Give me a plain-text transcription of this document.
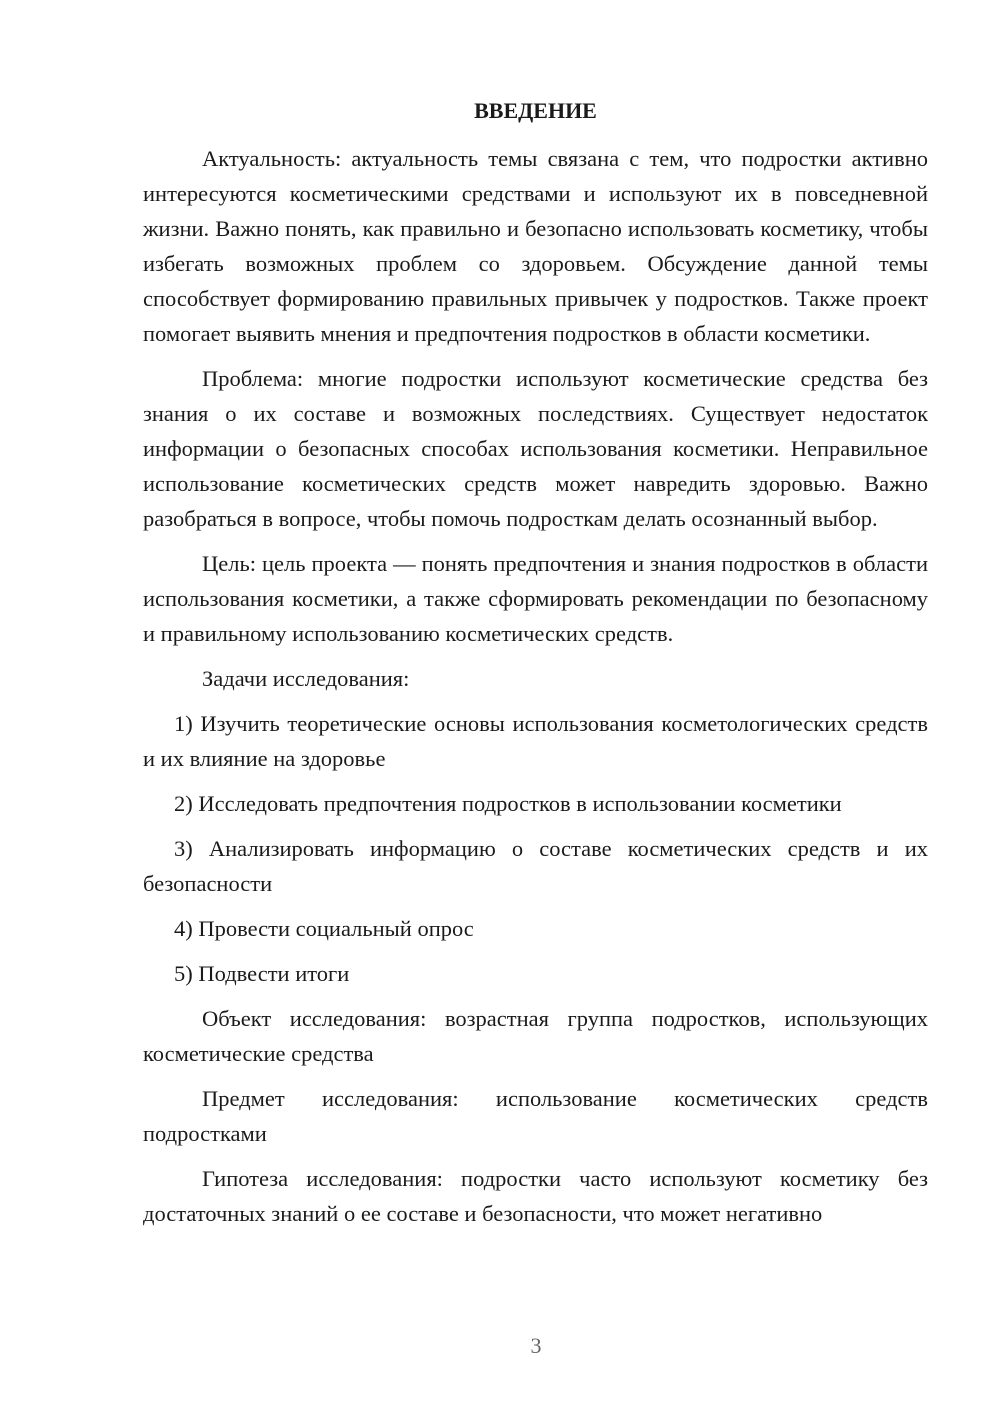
ВВЕДЕНИЕ

Актуальность: актуальность темы связана с тем, что подростки активно интересуются косметическими средствами и используют их в повседневной жизни. Важно понять, как правильно и безопасно использовать косметику, чтобы избегать возможных проблем со здоровьем. Обсуждение данной темы способствует формированию правильных привычек у подростков. Также проект помогает выявить мнения и предпочтения подростков в области косметики.

Проблема: многие подростки используют косметические средства без знания о их составе и возможных последствиях. Существует недостаток информации о безопасных способах использования косметики. Неправильное использование косметических средств может навредить здоровью. Важно разобраться в вопросе, чтобы помочь подросткам делать осознанный выбор.

Цель: цель проекта — понять предпочтения и знания подростков в области использования косметики, а также сформировать рекомендации по безопасному и правильному использованию косметических средств.

Задачи исследования:

1) Изучить теоретические основы использования косметологических средств и их влияние на здоровье

2) Исследовать предпочтения подростков в использовании косметики

3) Анализировать информацию о составе косметических средств и их безопасности

4) Провести социальный опрос

5) Подвести итоги

Объект исследования: возрастная группа подростков, использующих косметические средства

Предмет исследования: использование косметических средств подростками

Гипотеза исследования: подростки часто используют косметику без достаточных знаний о ее составе и безопасности, что может негативно

3
